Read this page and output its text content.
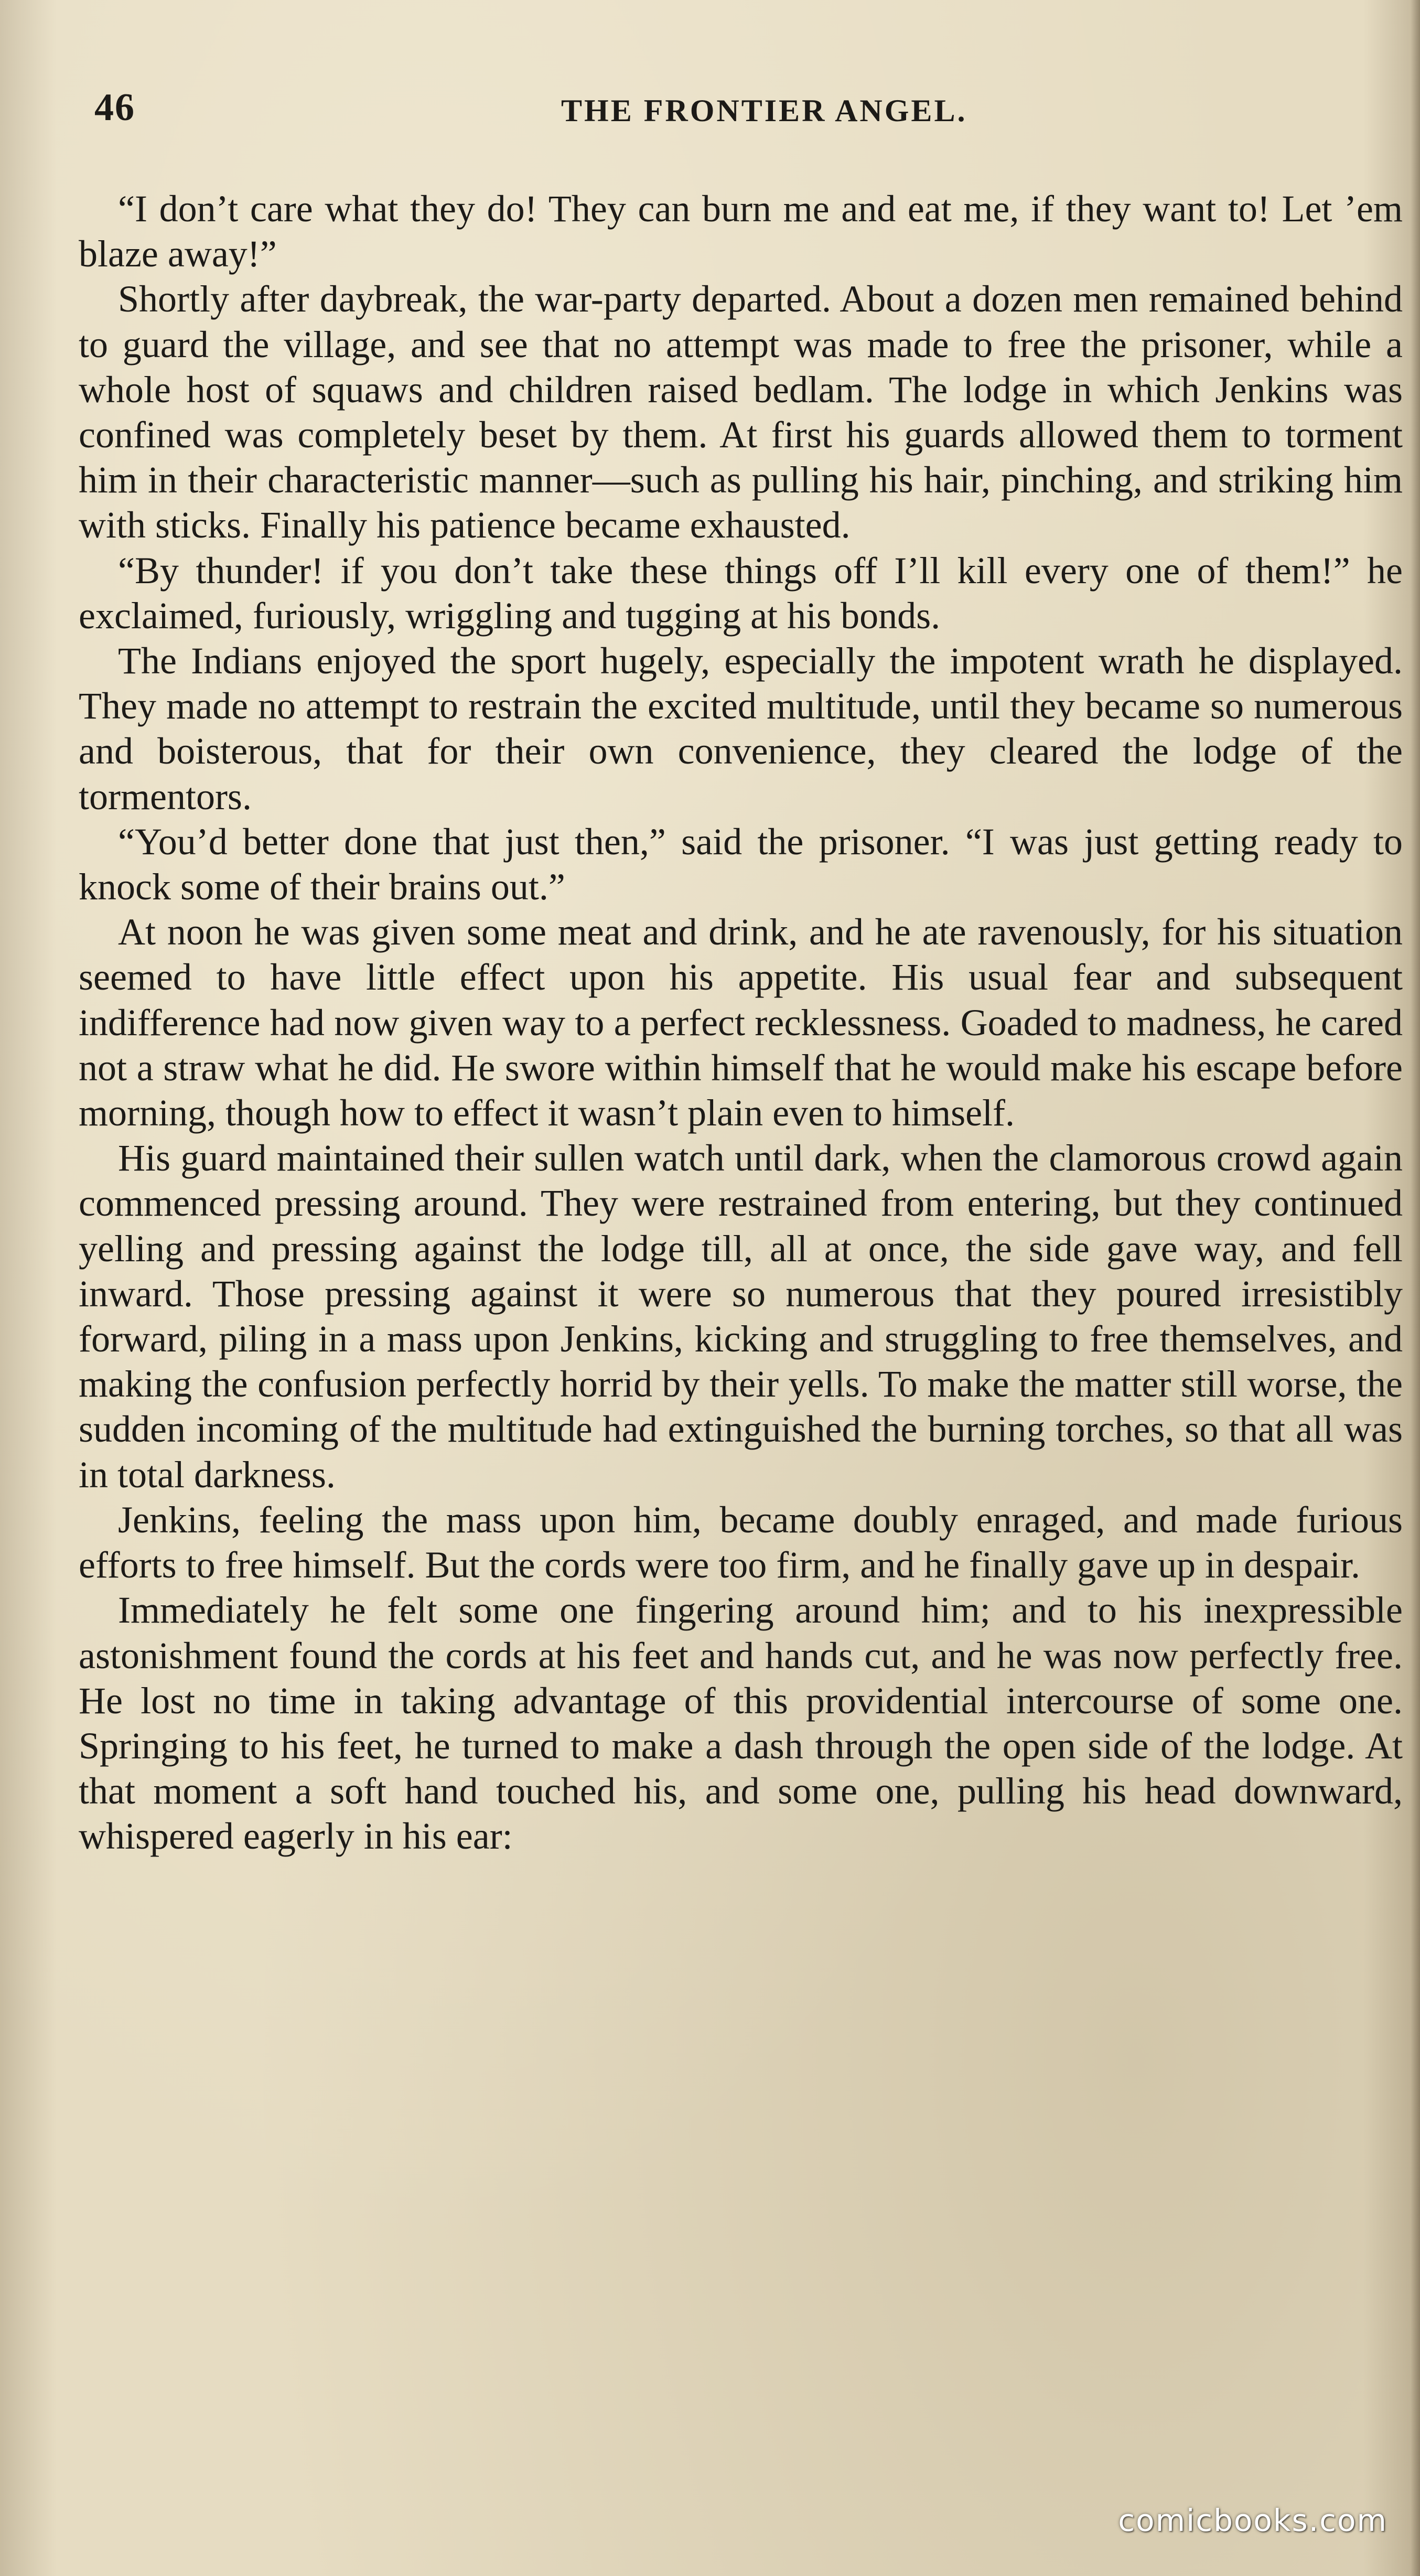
46	THE FRONTIER ANGEL.

“I don’t care what they do! They can burn me and eat me, if they want to! Let ’em blaze away!”

Shortly after daybreak, the war-party departed. About a dozen men remained behind to guard the village, and see that no attempt was made to free the prisoner, while a whole host of squaws and children raised bedlam. The lodge in which Jenkins was confined was completely beset by them. At first his guards allowed them to torment him in their characteristic manner—such as pulling his hair, pinching, and striking him with sticks. Finally his patience became exhausted.

“By thunder! if you don’t take these things off I’ll kill every one of them!” he exclaimed, furiously, wriggling and tugging at his bonds.

The Indians enjoyed the sport hugely, especially the impotent wrath he displayed. They made no attempt to restrain the excited multitude, until they became so numerous and boisterous, that for their own convenience, they cleared the lodge of the tormentors.

“You’d better done that just then,” said the prisoner. “I was just getting ready to knock some of their brains out.”

At noon he was given some meat and drink, and he ate ravenously, for his situation seemed to have little effect upon his appetite. His usual fear and subsequent indifference had now given way to a perfect recklessness. Goaded to madness, he cared not a straw what he did. He swore within himself that he would make his escape before morning, though how to effect it wasn’t plain even to himself.

His guard maintained their sullen watch until dark, when the clamorous crowd again commenced pressing around. They were restrained from entering, but they continued yelling and pressing against the lodge till, all at once, the side gave way, and fell inward. Those pressing against it were so numerous that they poured irresistibly forward, piling in a mass upon Jenkins, kicking and struggling to free themselves, and making the confusion perfectly horrid by their yells. To make the matter still worse, the sudden incoming of the multitude had extinguished the burning torches, so that all was in total darkness.

Jenkins, feeling the mass upon him, became doubly enraged, and made furious efforts to free himself. But the cords were too firm, and he finally gave up in despair.

Immediately he felt some one fingering around him; and to his inexpressible astonishment found the cords at his feet and hands cut, and he was now perfectly free. He lost no time in taking advantage of this providential intercourse of some one. Springing to his feet, he turned to make a dash through the open side of the lodge. At that moment a soft hand touched his, and some one, pulling his head downward, whispered eagerly in his ear:

comicbooks.com
